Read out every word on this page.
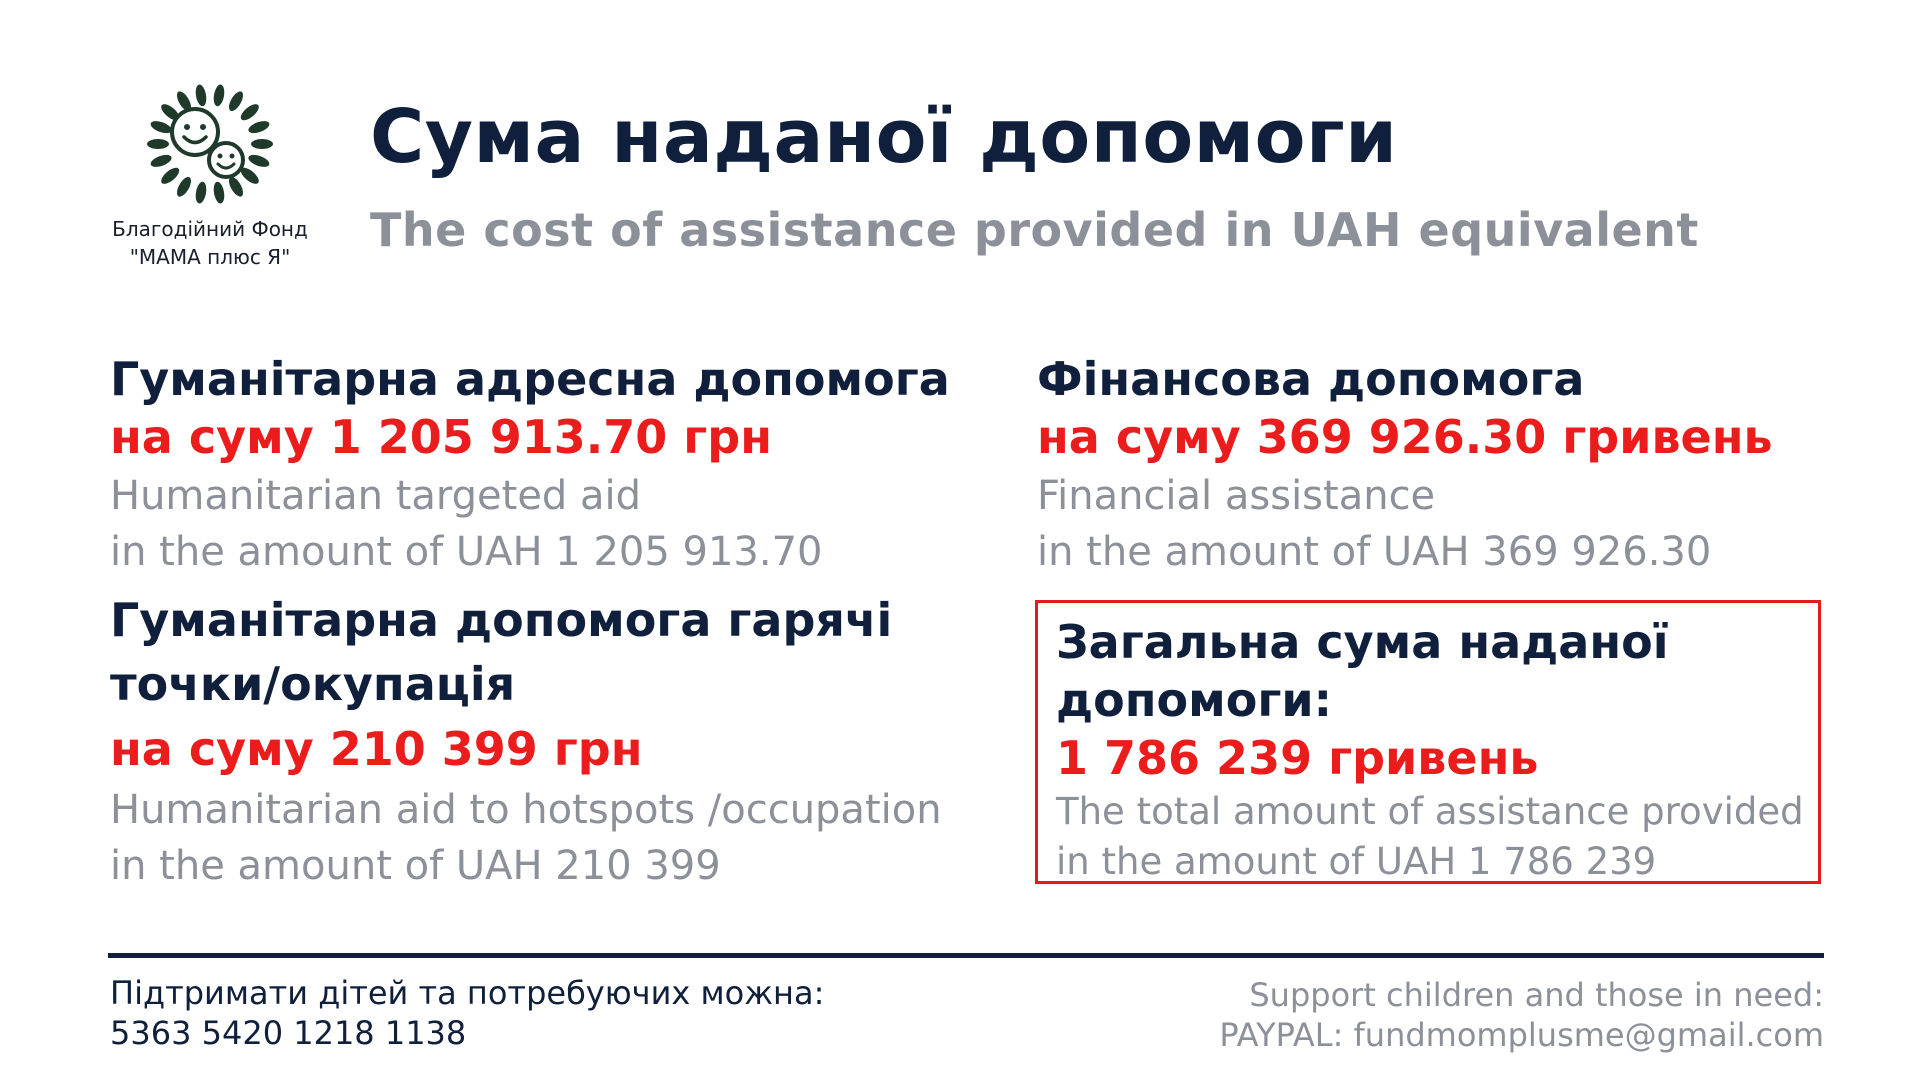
Благодійний Фонд
"МАМА плюс Я"
Сума наданої допомоги
The cost of assistance provided in UAH equivalent
Гуманітарна адресна допомога
на суму 1 205 913.70 грн
Humanitarian targeted aid
in the amount of UAH 1 205 913.70
Фінансова допомога
на суму 369 926.30 гривень
Financial assistance
in the amount of UAH 369 926.30
Гуманітарна допомога гарячі
точки/окупація
на суму 210 399 грн
Humanitarian aid to hotspots /occupation
in the amount of UAH 210 399
Загальна сума наданої
допомоги:
1 786 239 гривень
The total amount of assistance provided
in the amount of UAH 1 786 239
Підтримати дітей та потребуючих можна:
5363 5420 1218 1138
Support children and those in need:
PAYPAL: fundmomplusme@gmail.com
